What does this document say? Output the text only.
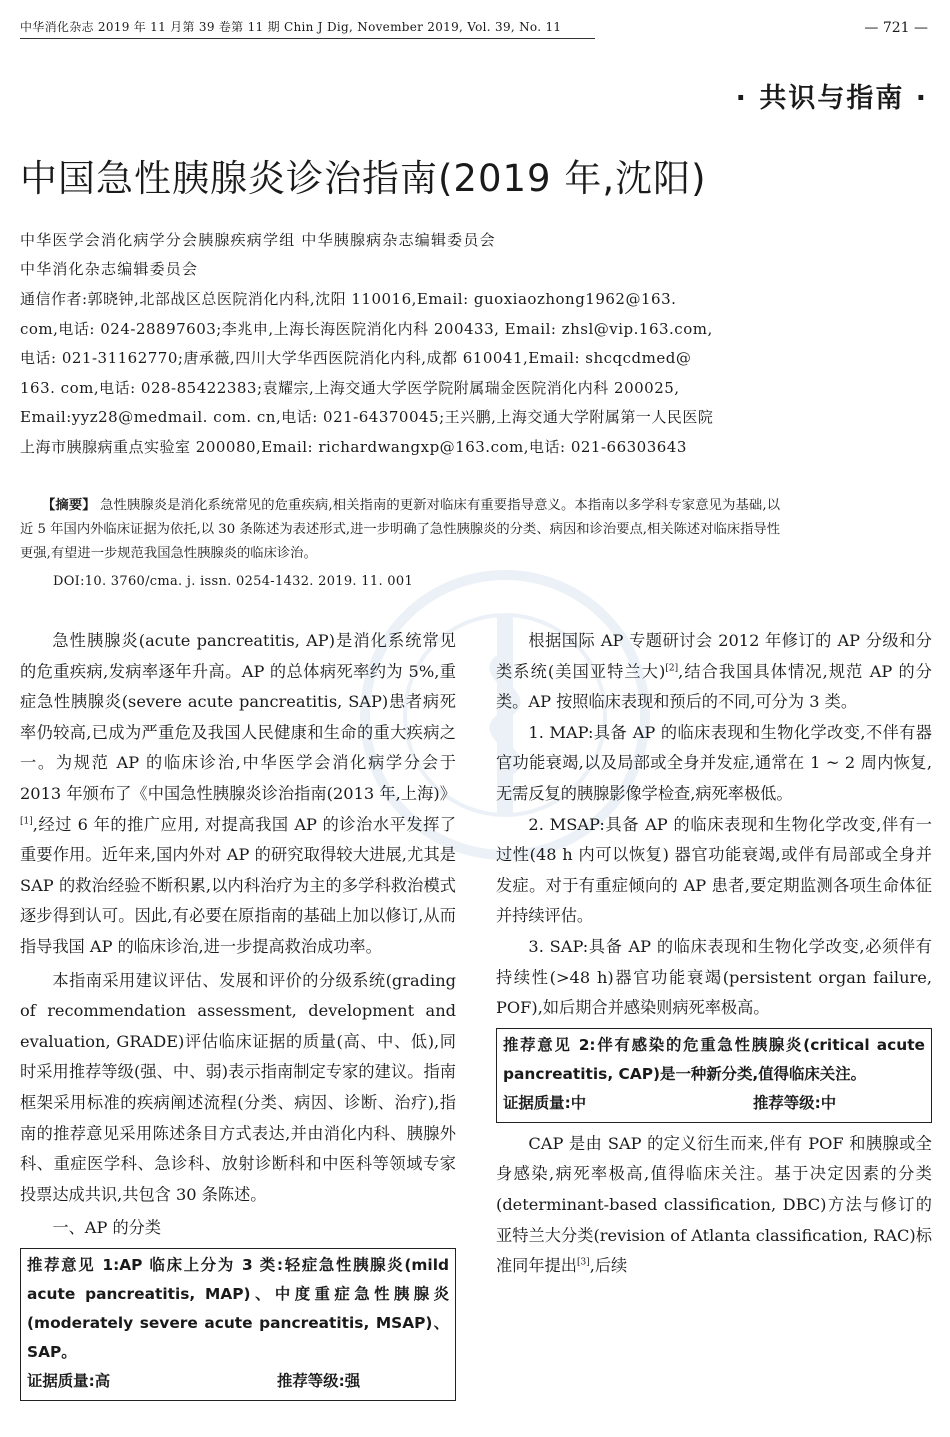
中华消化杂志 2019 年 11 月第 39 卷第 11 期 Chin J Dig, November 2019, Vol. 39, No. 11	— 721 —
· 共识与指南 ·
中国急性胰腺炎诊治指南(2019 年,沈阳)
中华医学会消化病学分会胰腺疾病学组 中华胰腺病杂志编辑委员会
中华消化杂志编辑委员会
通信作者:郭晓钟,北部战区总医院消化内科,沈阳 110016,Email: guoxiaozhong1962@163.
com,电话: 024-28897603;李兆申,上海长海医院消化内科 200433, Email: zhsl@vip.163.com,
电话: 021-31162770;唐承薇,四川大学华西医院消化内科,成都 610041,Email: shcqcdmed@
163. com,电话: 028-85422383;袁耀宗,上海交通大学医学院附属瑞金医院消化内科 200025,
Email:yyz28@medmail. com. cn,电话: 021-64370045;王兴鹏,上海交通大学附属第一人民医院
上海市胰腺病重点实验室 200080,Email: richardwangxp@163.com,电话: 021-66303643
【摘要】 急性胰腺炎是消化系统常见的危重疾病,相关指南的更新对临床有重要指导意义。本指南以多学科专家意见为基础,以近 5 年国内外临床证据为依托,以 30 条陈述为表述形式,进一步明确了急性胰腺炎的分类、病因和诊治要点,相关陈述对临床指导性更强,有望进一步规范我国急性胰腺炎的临床诊治。
DOI:10. 3760/cma. j. issn. 0254-1432. 2019. 11. 001

急性胰腺炎(acute pancreatitis, AP)是消化系统常见的危重疾病,发病率逐年升高。AP 的总体病死率约为 5%,重症急性胰腺炎(severe acute pancreatitis, SAP)患者病死率仍较高,已成为严重危及我国人民健康和生命的重大疾病之一。为规范 AP 的临床诊治,中华医学会消化病学分会于 2013 年颁布了《中国急性胰腺炎诊治指南(2013 年,上海)》[1],经过 6 年的推广应用, 对提高我国 AP 的诊治水平发挥了重要作用。近年来,国内外对 AP 的研究取得较大进展,尤其是 SAP 的救治经验不断积累,以内科治疗为主的多学科救治模式逐步得到认可。因此,有必要在原指南的基础上加以修订,从而指导我国 AP 的临床诊治,进一步提高救治成功率。

本指南采用建议评估、发展和评价的分级系统(grading of recommendation assessment, development and evaluation, GRADE)评估临床证据的质量(高、中、低),同时采用推荐等级(强、中、弱)表示指南制定专家的建议。指南框架采用标准的疾病阐述流程(分类、病因、诊断、治疗),指南的推荐意见采用陈述条目方式表达,并由消化内科、胰腺外科、重症医学科、急诊科、放射诊断科和中医科等领域专家投票达成共识,共包含 30 条陈述。

一、AP 的分类

推荐意见 1:AP 临床上分为 3 类:轻症急性胰腺炎(mild acute pancreatitis, MAP)、中度重症急性胰腺炎(moderately severe acute pancreatitis, MSAP)、SAP。
证据质量:高	推荐等级:强

根据国际 AP 专题研讨会 2012 年修订的 AP 分级和分类系统(美国亚特兰大)[2],结合我国具体情况,规范 AP 的分类。AP 按照临床表现和预后的不同,可分为 3 类。

1. MAP:具备 AP 的临床表现和生物化学改变,不伴有器官功能衰竭,以及局部或全身并发症,通常在 1 ~ 2 周内恢复,无需反复的胰腺影像学检查,病死率极低。

2. MSAP:具备 AP 的临床表现和生物化学改变,伴有一过性(48 h 内可以恢复) 器官功能衰竭,或伴有局部或全身并发症。对于有重症倾向的 AP 患者,要定期监测各项生命体征并持续评估。

3. SAP:具备 AP 的临床表现和生物化学改变,必须伴有持续性(>48 h)器官功能衰竭(persistent organ failure, POF),如后期合并感染则病死率极高。

推荐意见 2:伴有感染的危重急性胰腺炎(critical acute pancreatitis, CAP)是一种新分类,值得临床关注。
证据质量:中	推荐等级:中

CAP 是由 SAP 的定义衍生而来,伴有 POF 和胰腺或全身感染,病死率极高,值得临床关注。基于决定因素的分类(determinant-based classification, DBC)方法与修订的亚特兰大分类(revision of Atlanta classification, RAC)标准同年提出[3],后续
